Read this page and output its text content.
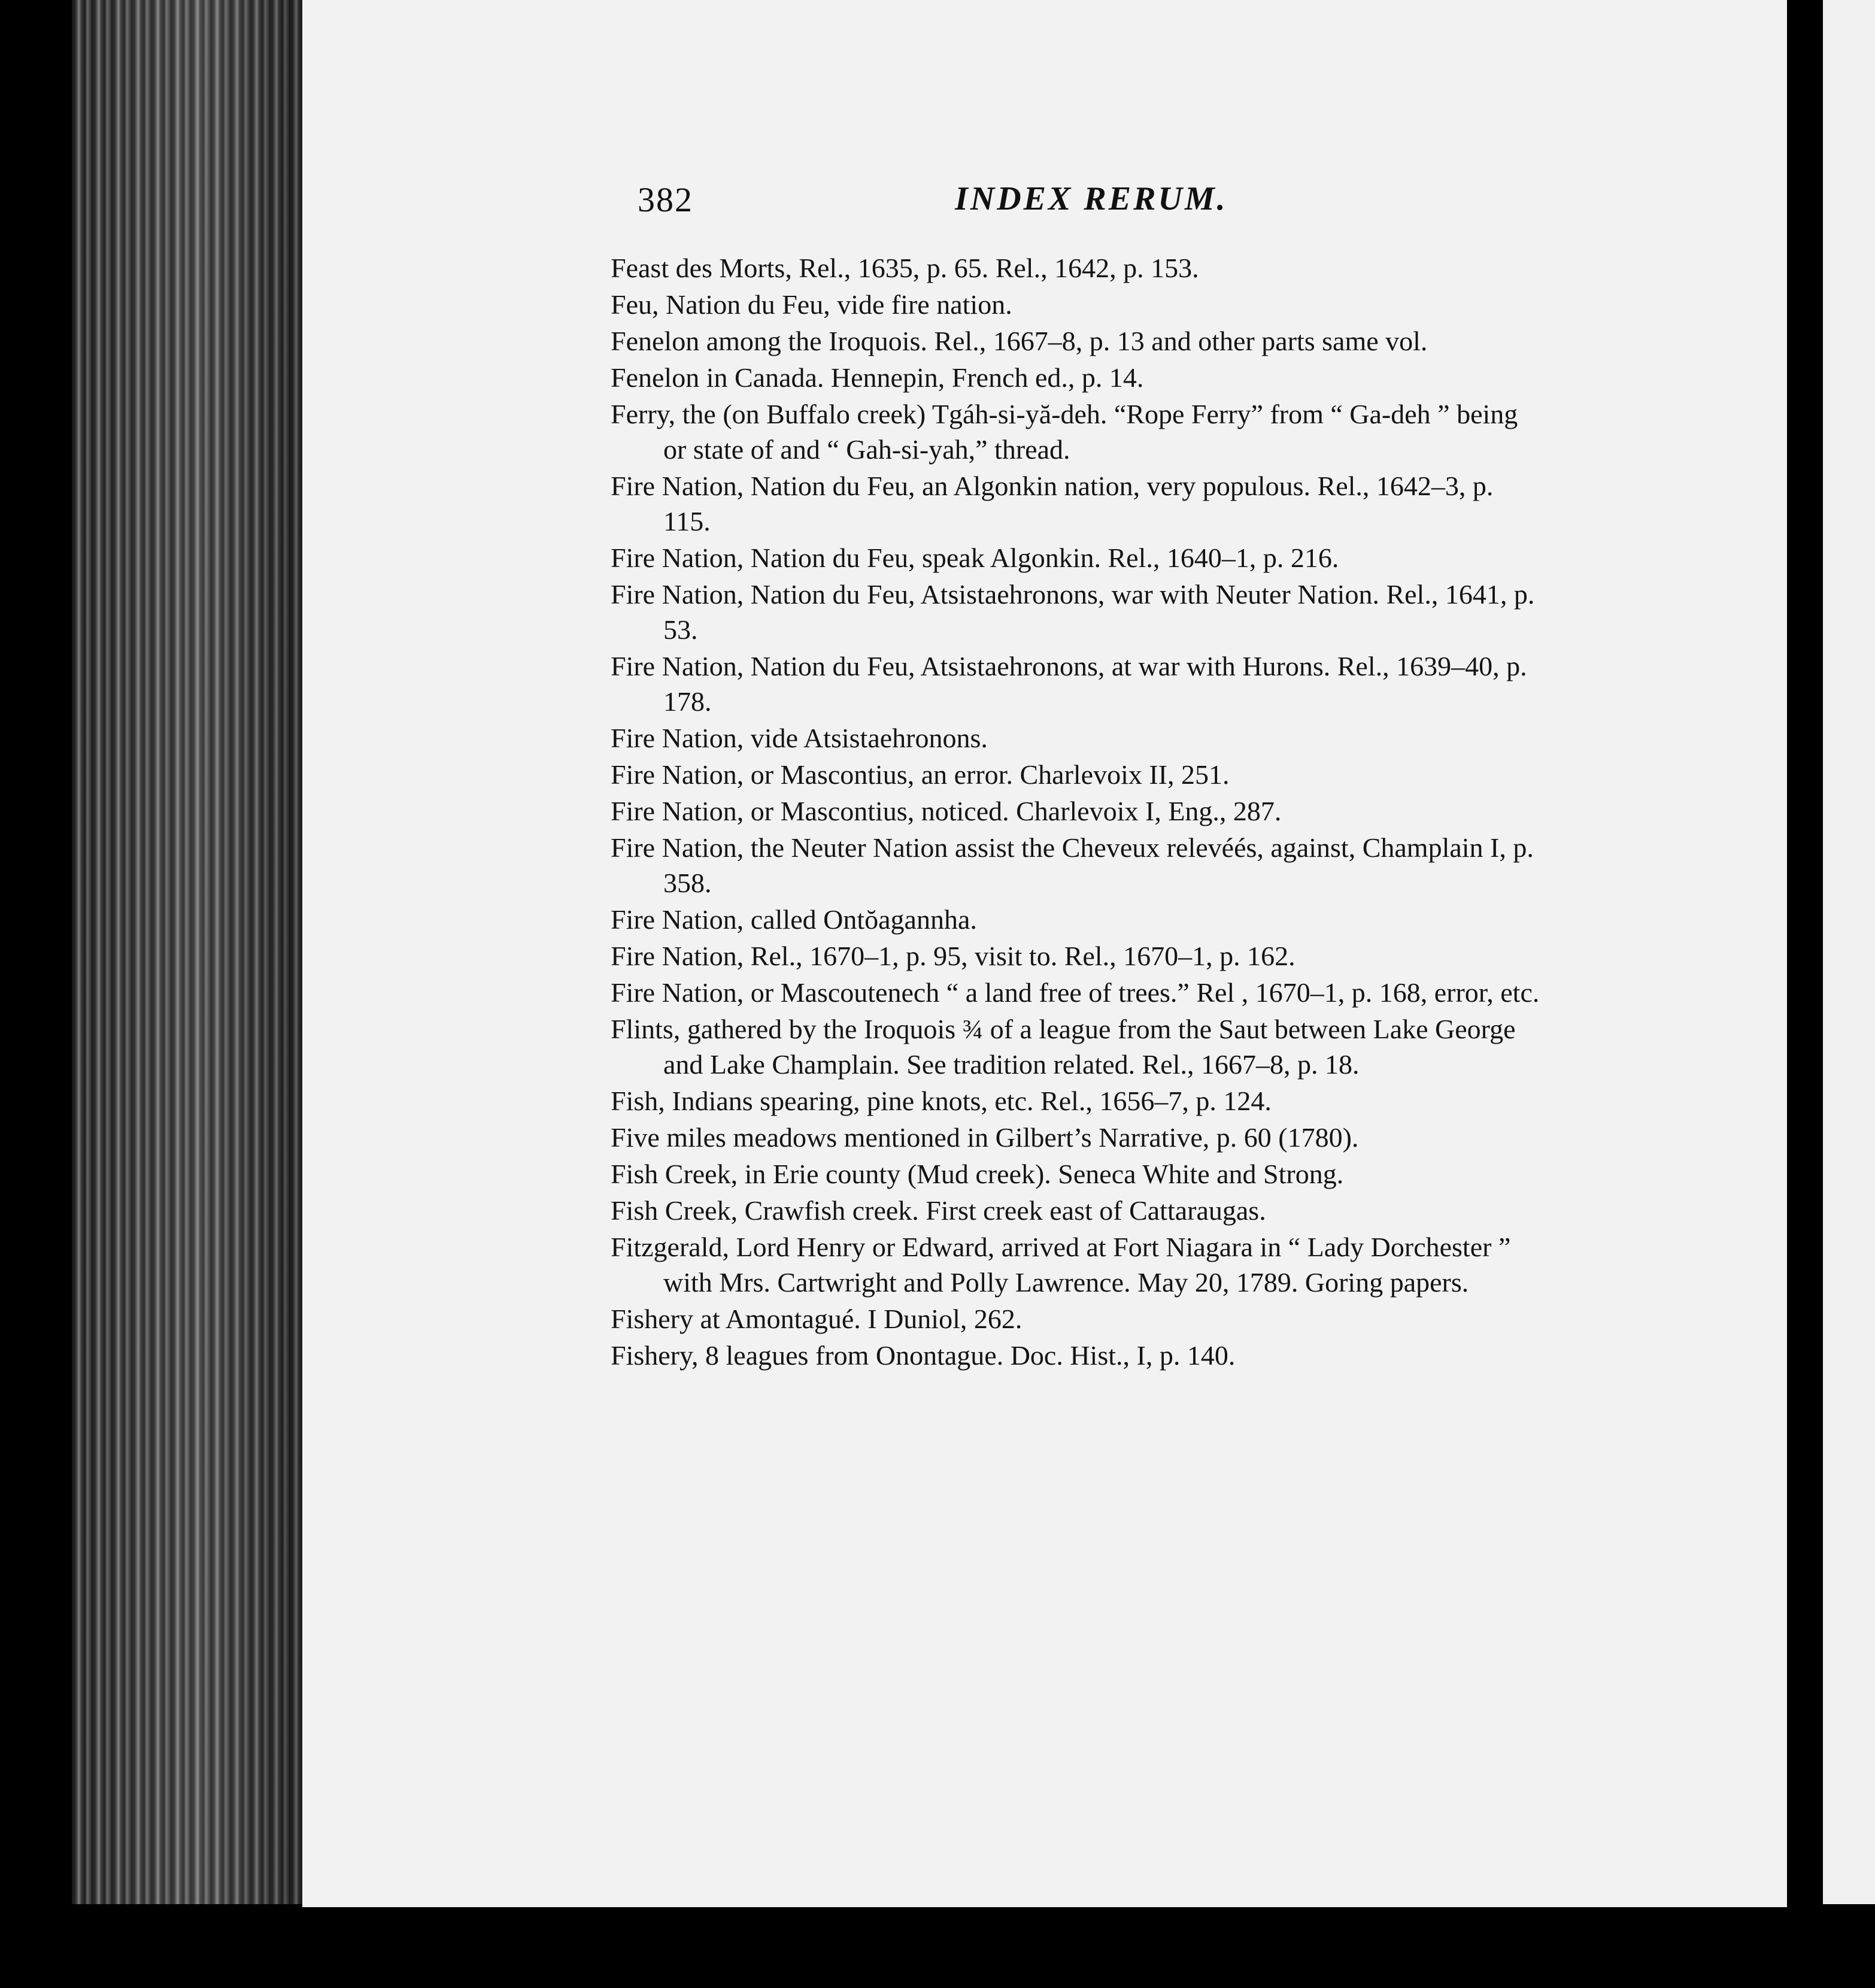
382	INDEX RERUM.
Feast des Morts, Rel., 1635, p. 65. Rel., 1642, p. 153.
Feu, Nation du Feu, vide fire nation.
Fenelon among the Iroquois. Rel., 1667–8, p. 13 and other parts same vol.
Fenelon in Canada. Hennepin, French ed., p. 14.
Ferry, the (on Buffalo creek) Tgáh-si-yă-deh. “Rope Ferry” from “ Ga-deh ” being or state of and “ Gah-si-yah,” thread.
Fire Nation, Nation du Feu, an Algonkin nation, very populous. Rel., 1642–3, p. 115.
Fire Nation, Nation du Feu, speak Algonkin. Rel., 1640–1, p. 216.
Fire Nation, Nation du Feu, Atsistaehronons, war with Neuter Nation. Rel., 1641, p. 53.
Fire Nation, Nation du Feu, Atsistaehronons, at war with Hurons. Rel., 1639–40, p. 178.
Fire Nation, vide Atsistaehronons.
Fire Nation, or Mascontius, an error. Charlevoix II, 251.
Fire Nation, or Mascontius, noticed. Charlevoix I, Eng., 287.
Fire Nation, the Neuter Nation assist the Cheveux relevéés, against, Champlain I, p. 358.
Fire Nation, called Ontŏagannha.
Fire Nation, Rel., 1670–1, p. 95, visit to. Rel., 1670–1, p. 162.
Fire Nation, or Mascoutenech “ a land free of trees.” Rel , 1670–1, p. 168, error, etc.
Flints, gathered by the Iroquois ¾ of a league from the Saut between Lake George and Lake Champlain. See tradition related. Rel., 1667–8, p. 18.
Fish, Indians spearing, pine knots, etc. Rel., 1656–7, p. 124.
Five miles meadows mentioned in Gilbert’s Narrative, p. 60 (1780).
Fish Creek, in Erie county (Mud creek). Seneca White and Strong.
Fish Creek, Crawfish creek. First creek east of Cattaraugas.
Fitzgerald, Lord Henry or Edward, arrived at Fort Niagara in “ Lady Dorchester ” with Mrs. Cartwright and Polly Lawrence. May 20, 1789. Goring papers.
Fishery at Amontagué. I Duniol, 262.
Fishery, 8 leagues from Onontague. Doc. Hist., I, p. 140.
